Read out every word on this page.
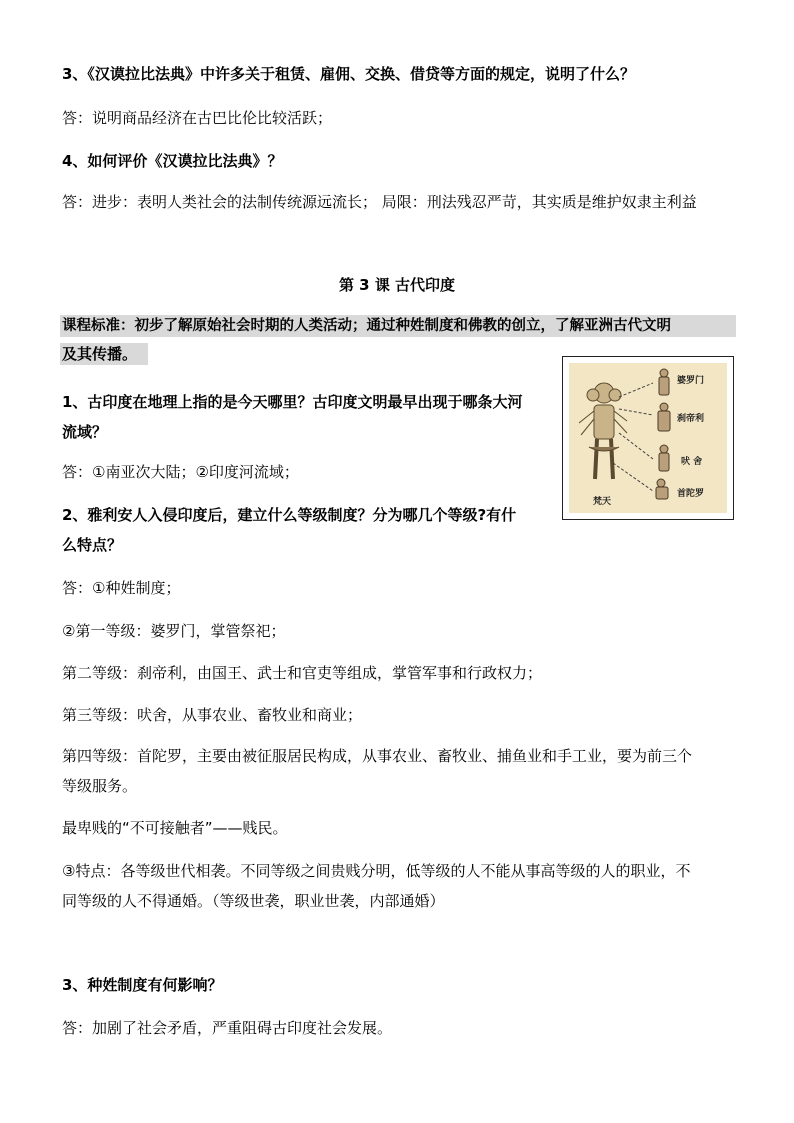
3、《汉谟拉比法典》中许多关于租赁、雇佣、交换、借贷等方面的规定，说明了什么？
答：说明商品经济在古巴比伦比较活跃；
4、如何评价《汉谟拉比法典》？
答：进步：表明人类社会的法制传统源远流长； 局限：刑法残忍严苛，其实质是维护奴隶主利益
第 3 课 古代印度
课程标准：初步了解原始社会时期的人类活动；通过种姓制度和佛教的创立，了解亚洲古代文明
及其传播。
1、古印度在地理上指的是今天哪里？古印度文明最早出现于哪条大河
流域？
答：①南亚次大陆；②印度河流域；
2、雅利安人入侵印度后，建立什么等级制度？分为哪几个等级?有什
么特点？
答：①种姓制度；
②第一等级：婆罗门，掌管祭祀；
第二等级：刹帝利，由国王、武士和官吏等组成，掌管军事和行政权力；
第三等级：吠舍，从事农业、畜牧业和商业；
第四等级：首陀罗，主要由被征服居民构成，从事农业、畜牧业、捕鱼业和手工业，要为前三个
等级服务。
最卑贱的“不可接触者”——贱民。
③特点：各等级世代相袭。不同等级之间贵贱分明，低等级的人不能从事高等级的人的职业，不
同等级的人不得通婚。（等级世袭，职业世袭，内部通婚）
3、种姓制度有何影响？
答：加剧了社会矛盾，严重阻碍古印度社会发展。
婆罗门
刹帝利
吠 舍
首陀罗
梵天
